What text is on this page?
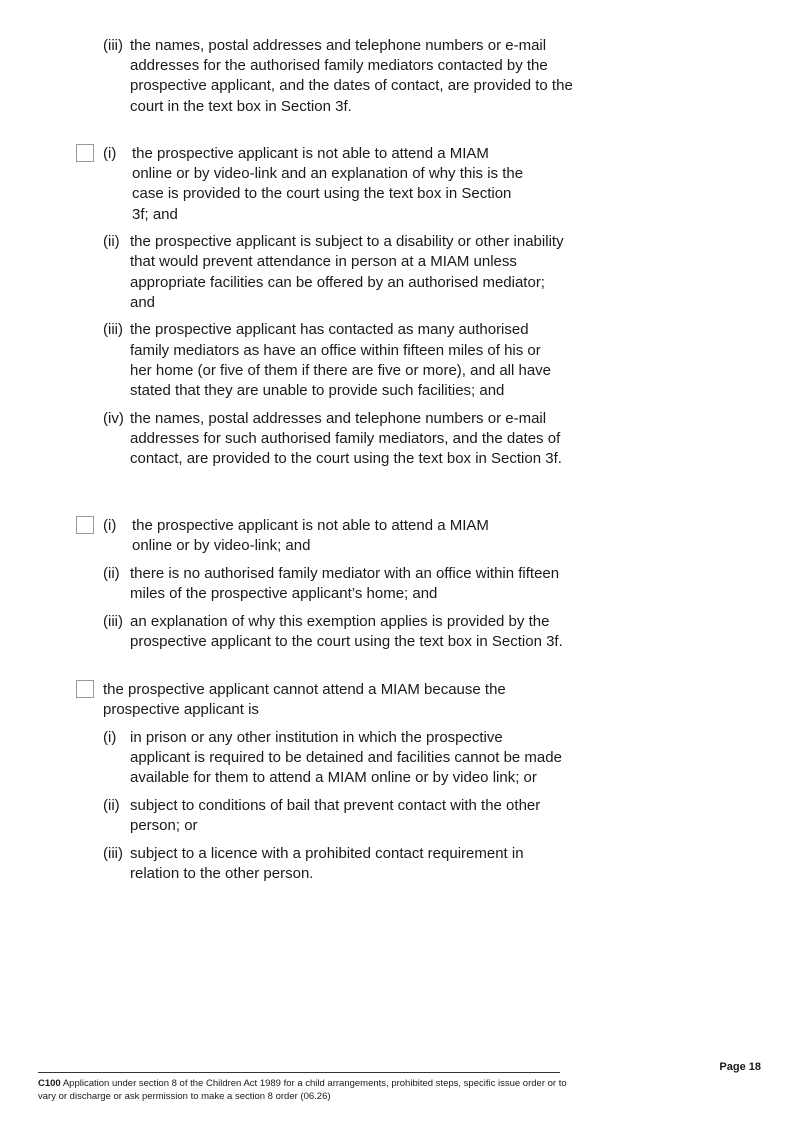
(iii) the names, postal addresses and telephone numbers or e-mail addresses for the authorised family mediators contacted by the prospective applicant, and the dates of contact, are provided to the court in the text box in Section 3f.
(i)	the prospective applicant is not able to attend a MIAM online or by video-link and an explanation of why this is the case is provided to the court using the text box in Section 3f; and
(ii) the prospective applicant is subject to a disability or other inability that would prevent attendance in person at a MIAM unless appropriate facilities can be offered by an authorised mediator; and
(iii) the prospective applicant has contacted as many authorised family mediators as have an office within fifteen miles of his or her home (or five of them if there are five or more), and all have stated that they are unable to provide such facilities; and
(iv) the names, postal addresses and telephone numbers or e-mail addresses for such authorised family mediators, and the dates of contact, are provided to the court using the text box in Section 3f.
(i)	the prospective applicant is not able to attend a MIAM online or by video-link; and
(ii) there is no authorised family mediator with an office within fifteen miles of the prospective applicant’s home; and
(iii) an explanation of why this exemption applies is provided by the prospective applicant to the court using the text box in Section 3f.
the prospective applicant cannot attend a MIAM because the prospective applicant is
(i) in prison or any other institution in which the prospective applicant is required to be detained and facilities cannot be made available for them to attend a MIAM online or by video link; or
(ii) subject to conditions of bail that prevent contact with the other person; or
(iii) subject to a licence with a prohibited contact requirement in relation to the other person.
C100 Application under section 8 of the Children Act 1989 for a child arrangements, prohibited steps, specific issue order or to vary or discharge or ask permission to make a section 8 order (06.26)
Page 18
